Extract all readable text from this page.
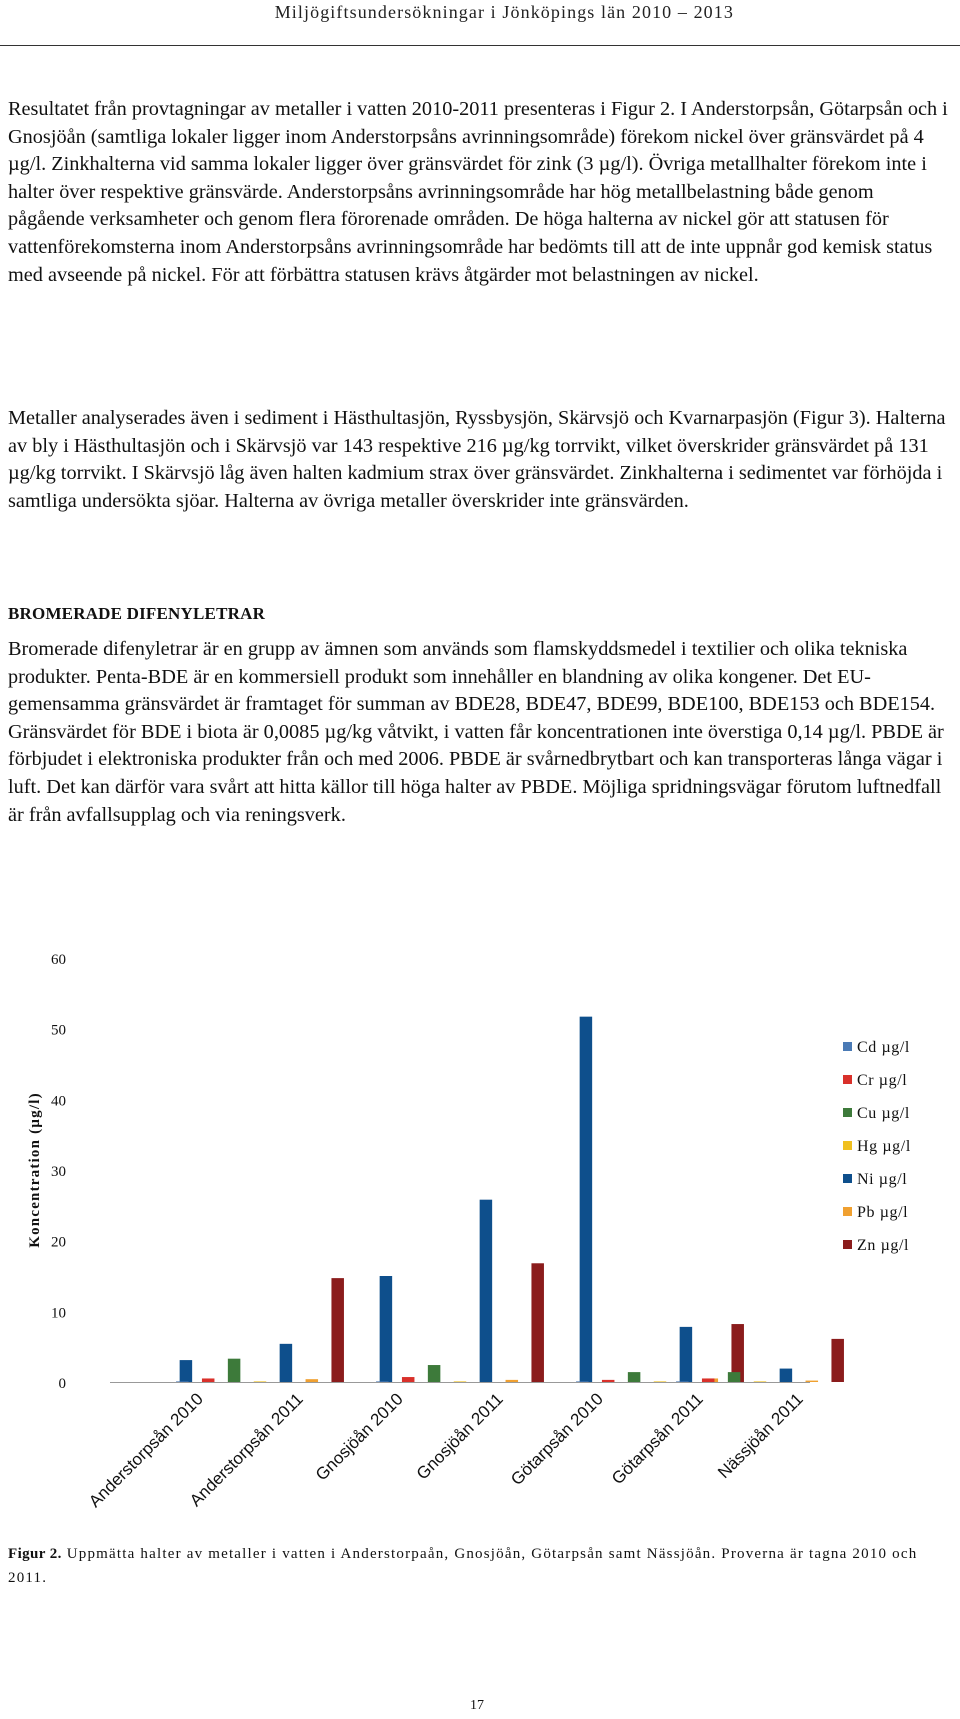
Miljögiftsundersökningar i Jönköpings län 2010 – 2013

Resultatet från provtagningar av metaller i vatten 2010-2011 presenteras i Figur 2. I Anderstorpsån, Götarpsån och i Gnosjöån (samtliga lokaler ligger inom Anderstorpsåns avrinningsområde) förekom nickel över gränsvärdet på 4 µg/l. Zinkhalterna vid samma lokaler ligger över gränsvärdet för zink (3 µg/l). Övriga metallhalter förekom inte i halter över respektive gränsvärde. Anderstorpsåns avrinningsområde har hög metallbelastning både genom pågående verksamheter och genom flera förorenade områden. De höga halterna av nickel gör att statusen för vattenförekomsterna inom Anderstorpsåns avrinningsområde har bedömts till att de inte uppnår god kemisk status med avseende på nickel. För att förbättra statusen krävs åtgärder mot belastningen av nickel.

Metaller analyserades även i sediment i Hästhultasjön, Ryssbysjön, Skärvsjö och Kvarnarpasjön (Figur 3). Halterna av bly i Hästhultasjön och i Skärvsjö var 143 respektive 216 µg/kg torrvikt, vilket överskrider gränsvärdet på 131 µg/kg torrvikt. I Skärvsjö låg även halten kadmium strax över gränsvärdet. Zinkhalterna i sedimentet var förhöjda i samtliga undersökta sjöar. Halterna av övriga metaller överskrider inte gränsvärden.

BROMERADE DIFENYLETRAR

Bromerade difenyletrar är en grupp av ämnen som används som flamskyddsmedel i textilier och olika tekniska produkter. Penta-BDE är en kommersiell produkt som innehåller en blandning av olika kongener. Det EU-gemensamma gränsvärdet är framtaget för summan av BDE28, BDE47, BDE99, BDE100, BDE153 och BDE154. Gränsvärdet för BDE i biota är 0,0085 µg/kg våtvikt, i vatten får koncentrationen inte överstiga 0,14 µg/l. PBDE är förbjudet i elektroniska produkter från och med 2006. PBDE är svårnedbrytbart och kan transporteras långa vägar i luft. Det kan därför vara svårt att hitta källor till höga halter av PBDE. Möjliga spridningsvägar förutom luftnedfall är från avfallsupplag och via reningsverk.

0
10
20
30
40
50
60
Koncentration (µg/l)
Anderstorpsån 2010
Anderstorpsån 2011 Gnosjöån 2010 Gnosjöån 2011 Götarpsån 2010 Götarpsån 2011 Nässjöån 2011
Cd µg/l
Cr µg/l
Cu µg/l
Hg µg/l
Ni µg/l
Pb µg/l
Zn µg/l

Figur 2. Uppmätta halter av metaller i vatten i Anderstorpaån, Gnosjöån, Götarpsån samt Nässjöån. Proverna är tagna 2010 och 2011.

17
